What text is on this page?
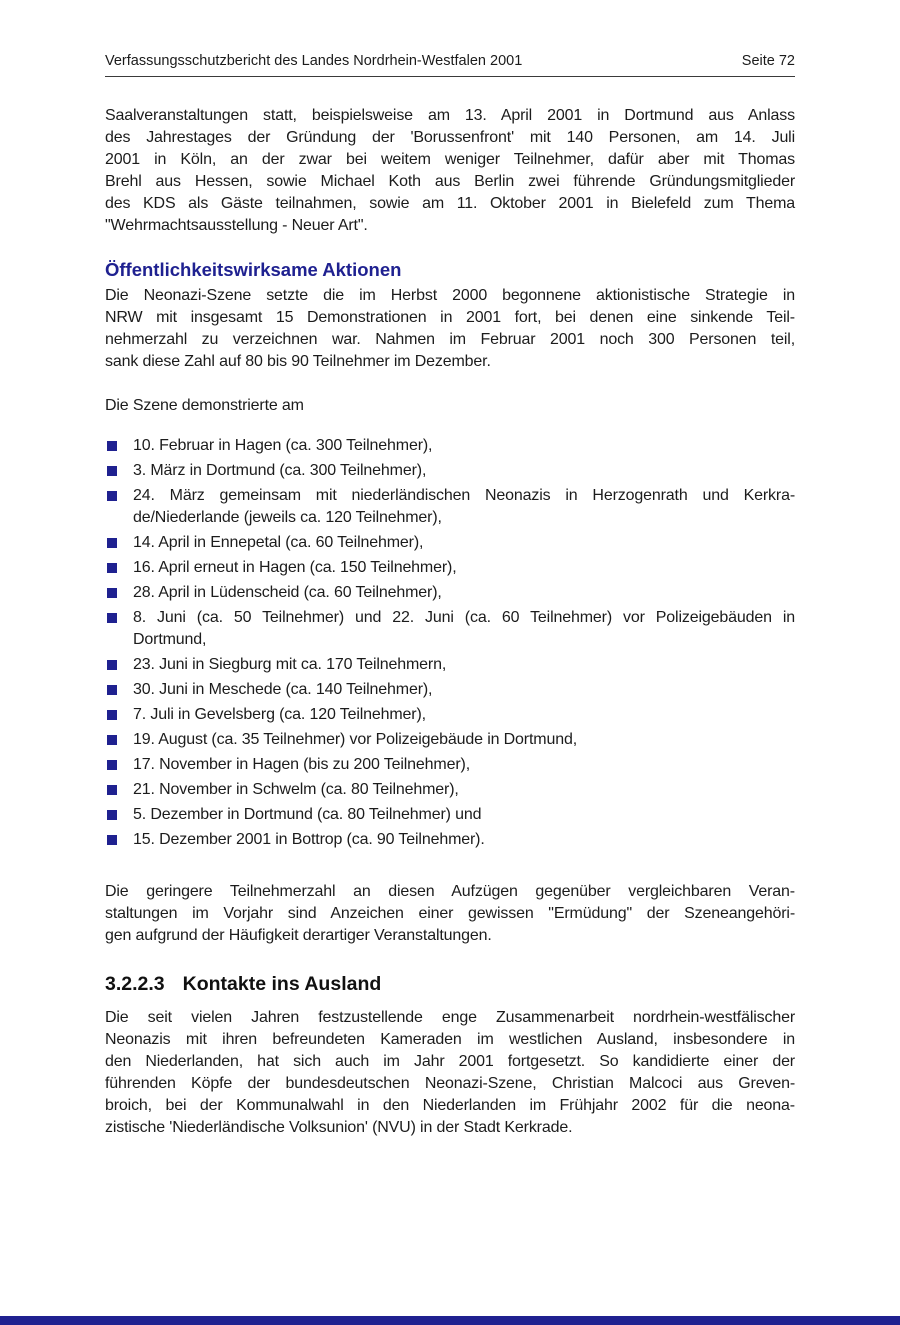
Verfassungsschutzbericht des Landes Nordrhein-Westfalen 2001	Seite 72
Saalveranstaltungen statt, beispielsweise am 13. April 2001 in Dortmund aus Anlass
des Jahrestages der Gründung der 'Borussenfront' mit 140 Personen, am 14. Juli
2001 in Köln, an der zwar bei weitem weniger Teilnehmer, dafür aber mit Thomas
Brehl aus Hessen, sowie Michael Koth aus Berlin zwei führende Gründungsmitglieder
des KDS als Gäste teilnahmen, sowie am 11. Oktober 2001 in Bielefeld zum Thema
"Wehrmachtsausstellung - Neuer Art".
Öffentlichkeitswirksame Aktionen
Die Neonazi-Szene setzte die im Herbst 2000 begonnene aktionistische Strategie in
NRW mit insgesamt 15 Demonstrationen in 2001 fort, bei denen eine sinkende Teil-
nehmerzahl zu verzeichnen war. Nahmen im Februar 2001 noch 300 Personen teil,
sank diese Zahl auf 80 bis 90 Teilnehmer im Dezember.
Die Szene demonstrierte am
10. Februar in Hagen (ca. 300 Teilnehmer),
3. März in Dortmund (ca. 300 Teilnehmer),
24. März gemeinsam mit niederländischen Neonazis in Herzogenrath und Kerkra-
de/Niederlande (jeweils ca. 120 Teilnehmer),
14. April in Ennepetal (ca. 60 Teilnehmer),
16. April erneut in Hagen (ca. 150 Teilnehmer),
28. April in Lüdenscheid (ca. 60 Teilnehmer),
8. Juni (ca. 50 Teilnehmer) und 22. Juni (ca. 60 Teilnehmer) vor Polizeigebäuden in
Dortmund,
23. Juni in Siegburg mit ca. 170 Teilnehmern,
30. Juni in Meschede (ca. 140 Teilnehmer),
7. Juli in Gevelsberg (ca. 120 Teilnehmer),
19. August (ca. 35 Teilnehmer) vor Polizeigebäude in Dortmund,
17. November in Hagen (bis zu 200 Teilnehmer),
21. November in Schwelm (ca. 80 Teilnehmer),
5. Dezember in Dortmund (ca. 80 Teilnehmer) und
15. Dezember 2001 in Bottrop (ca. 90 Teilnehmer).
Die geringere Teilnehmerzahl an diesen Aufzügen gegenüber vergleichbaren Veran-
staltungen im Vorjahr sind Anzeichen einer gewissen "Ermüdung" der Szeneangehöri-
gen aufgrund der Häufigkeit derartiger Veranstaltungen.
3.2.2.3 Kontakte ins Ausland
Die seit vielen Jahren festzustellende enge Zusammenarbeit nordrhein-westfälischer
Neonazis mit ihren befreundeten Kameraden im westlichen Ausland, insbesondere in
den Niederlanden, hat sich auch im Jahr 2001 fortgesetzt. So kandidierte einer der
führenden Köpfe der bundesdeutschen Neonazi-Szene, Christian Malcoci aus Greven-
broich, bei der Kommunalwahl in den Niederlanden im Frühjahr 2002 für die neona-
zistische 'Niederländische Volksunion' (NVU) in der Stadt Kerkrade.
